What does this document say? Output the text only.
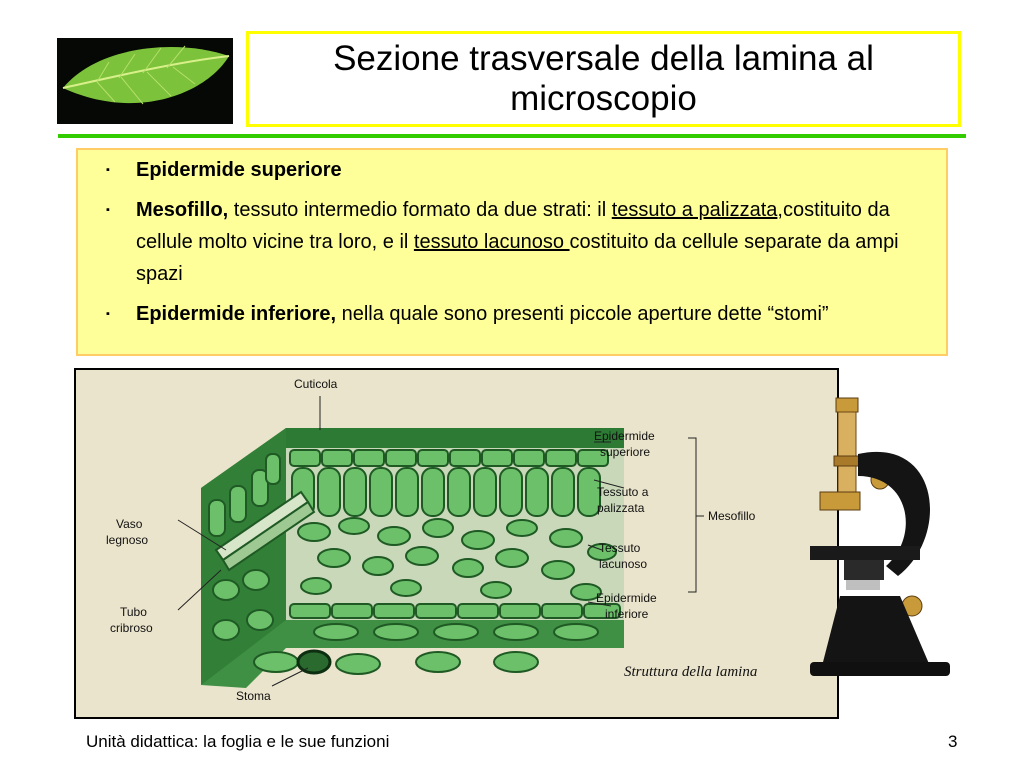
Sezione trasversale della lamina al microscopio
▪ Epidermide superiore
▪ Mesofillo, tessuto intermedio formato da due strati: il tessuto a palizzata,costituito da cellule molto vicine tra loro, e il tessuto lacunoso costituito da cellule separate da ampi spazi
▪ Epidermide inferiore, nella quale sono presenti piccole aperture dette “stomi”
Cuticola
Epidermide
superiore
Tessuto a
palizzata
Mesofillo
Tessuto
lacunoso
Epidermide
inferiore
Vaso
legnoso
Tubo
cribroso
Stoma
Struttura della lamina
Unità didattica: la foglia e le sue funzioni	3
